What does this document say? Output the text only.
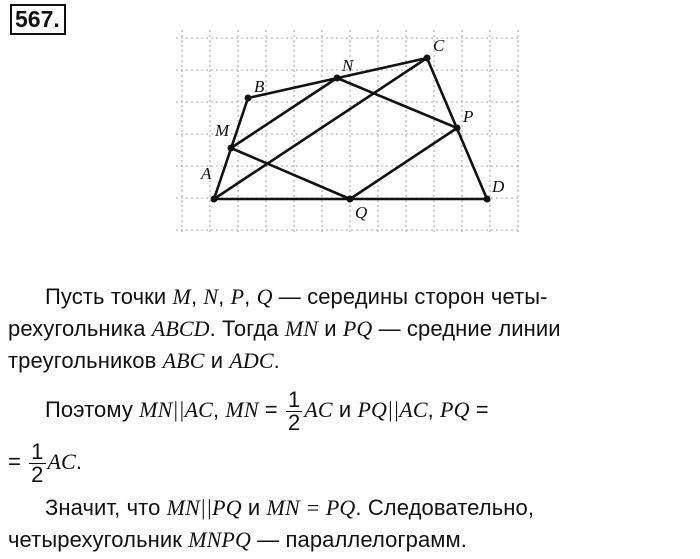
567.
A
B
C
D
M
N
P
Q
Пусть точки M, N, P, Q — середины сторон четы-
рехугольника ABCD. Тогда MN и PQ — средние линии
треугольников ABC и ADC.
Поэтому MN||AC, MN = $\frac{1}{2}$ AC и PQ||AC, PQ =
= $\frac{1}{2}$ AC.
Значит, что MN||PQ и MN = PQ. Следовательно,
четырехугольник MNPQ — параллелограмм.
